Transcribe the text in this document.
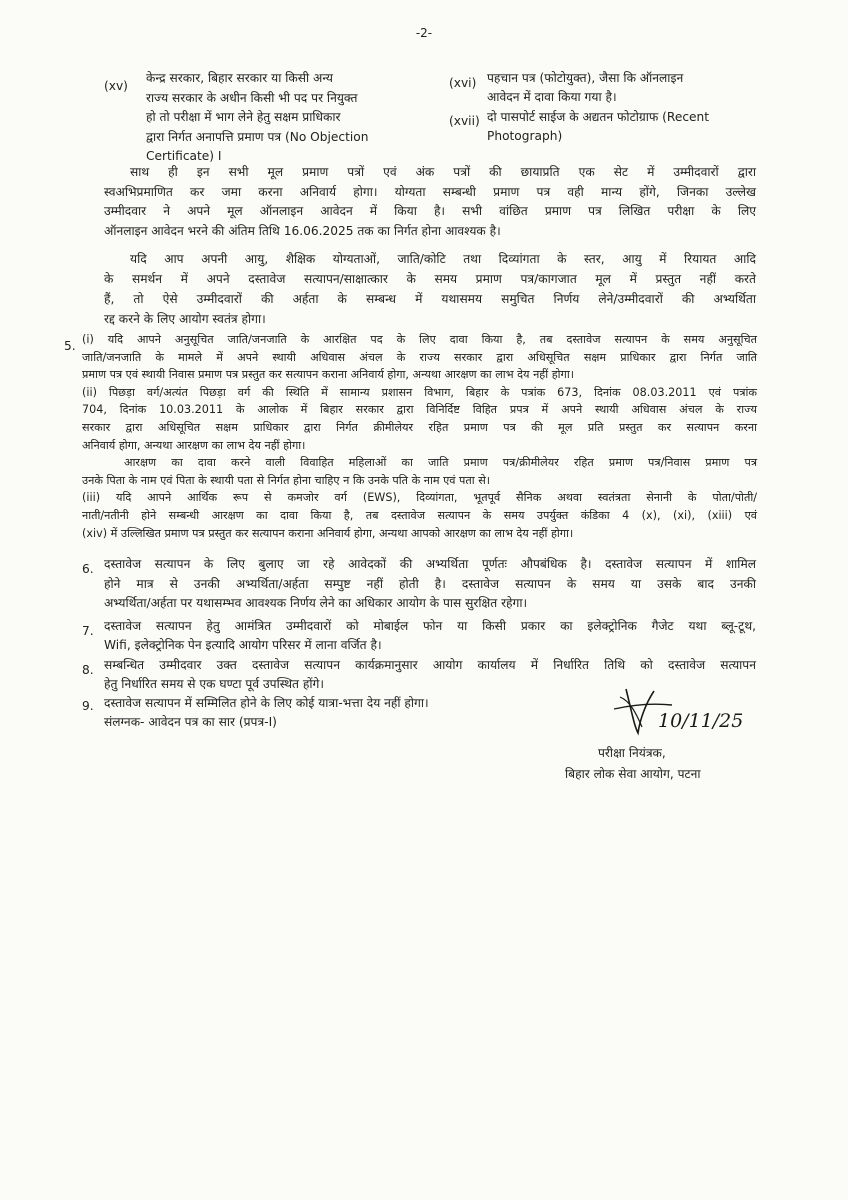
-2-
(xv)
केन्द्र सरकार, बिहार सरकार या किसी अन्य
राज्य सरकार के अधीन किसी भी पद पर नियुक्त
हो तो परीक्षा में भाग लेने हेतु सक्षम प्राधिकार
द्वारा निर्गत अनापत्ति प्रमाण पत्र (No Objection
Certificate) I
(xvi) पहचान पत्र (फोटोयुक्त), जैसा कि ऑनलाइन
आवेदन में दावा किया गया है।
(xvii) दो पासपोर्ट साईज के अद्यतन फोटोग्राफ (Recent
Photograph)
साथ ही इन सभी मूल प्रमाण पत्रों एवं अंक पत्रों की छायाप्रति एक सेट में उम्मीदवारों द्वारा
स्वअभिप्रमाणित कर जमा करना अनिवार्य होगा। योग्यता सम्बन्धी प्रमाण पत्र वही मान्य होंगे, जिनका उल्लेख
उम्मीदवार ने अपने मूल ऑनलाइन आवेदन में किया है। सभी वांछित प्रमाण पत्र लिखित परीक्षा के लिए
ऑनलाइन आवेदन भरने की अंतिम तिथि 16.06.2025 तक का निर्गत होना आवश्यक है।
यदि आप अपनी आयु, शैक्षिक योग्यताओं, जाति/कोटि तथा दिव्यांगता के स्तर, आयु में रियायत आदि
के समर्थन में अपने दस्तावेज सत्यापन/साक्षात्कार के समय प्रमाण पत्र/कागजात मूल में प्रस्तुत नहीं करते
हैं, तो ऐसे उम्मीदवारों की अर्हता के सम्बन्ध में यथासमय समुचित निर्णय लेने/उम्मीदवारों की अभ्यर्थिता
रद्द करने के लिए आयोग स्वतंत्र होगा।
5. (i) यदि आपने अनुसूचित जाति/जनजाति के आरक्षित पद के लिए दावा किया है, तब दस्तावेज सत्यापन के समय अनुसूचित
जाति/जनजाति के मामले में अपने स्थायी अधिवास अंचल के राज्य सरकार द्वारा अधिसूचित सक्षम प्राधिकार द्वारा निर्गत जाति
प्रमाण पत्र एवं स्थायी निवास प्रमाण पत्र प्रस्तुत कर सत्यापन कराना अनिवार्य होगा, अन्यथा आरक्षण का लाभ देय नहीं होगा।
(ii) पिछड़ा वर्ग/अत्यंत पिछड़ा वर्ग की स्थिति में सामान्य प्रशासन विभाग, बिहार के पत्रांक 673, दिनांक 08.03.2011 एवं पत्रांक
704, दिनांक 10.03.2011 के आलोक में बिहार सरकार द्वारा विनिर्दिष्ट विहित प्रपत्र में अपने स्थायी अधिवास अंचल के राज्य
सरकार द्वारा अधिसूचित सक्षम प्राधिकार द्वारा निर्गत क्रीमीलेयर रहित प्रमाण पत्र की मूल प्रति प्रस्तुत कर सत्यापन करना
अनिवार्य होगा, अन्यथा आरक्षण का लाभ देय नहीं होगा।
आरक्षण का दावा करने वाली विवाहित महिलाओं का जाति प्रमाण पत्र/क्रीमीलेयर रहित प्रमाण पत्र/निवास प्रमाण पत्र
उनके पिता के नाम एवं पिता के स्थायी पता से निर्गत होना चाहिए न कि उनके पति के नाम एवं पता से।
(iii) यदि आपने आर्थिक रूप से कमजोर वर्ग (EWS), दिव्यांगता, भूतपूर्व सैनिक अथवा स्वतंत्रता सेनानी के पोता/पोती/
नाती/नतीनी होने सम्बन्धी आरक्षण का दावा किया है, तब दस्तावेज सत्यापन के समय उपर्युक्त कंडिका 4 (x), (xi), (xiii) एवं
(xiv) में उल्लिखित प्रमाण पत्र प्रस्तुत कर सत्यापन कराना अनिवार्य होगा, अन्यथा आपको आरक्षण का लाभ देय नहीं होगा।
6. दस्तावेज सत्यापन के लिए बुलाए जा रहे आवेदकों की अभ्यर्थिता पूर्णतः औपबंधिक है। दस्तावेज सत्यापन में शामिल
होने मात्र से उनकी अभ्यर्थिता/अर्हता सम्पुष्ट नहीं होती है। दस्तावेज सत्यापन के समय या उसके बाद उनकी
अभ्यर्थिता/अर्हता पर यथासम्भव आवश्यक निर्णय लेने का अधिकार आयोग के पास सुरक्षित रहेगा।
7. दस्तावेज सत्यापन हेतु आमंत्रित उम्मीदवारों को मोबाईल फोन या किसी प्रकार का इलेक्ट्रोनिक गैजेट यथा ब्लू-टूथ,
Wifi, इलेक्ट्रोनिक पेन इत्यादि आयोग परिसर में लाना वर्जित है।
8. सम्बन्धित उम्मीदवार उक्त दस्तावेज सत्यापन कार्यक्रमानुसार आयोग कार्यालय में निर्धारित तिथि को दस्तावेज सत्यापन
हेतु निर्धारित समय से एक घण्टा पूर्व उपस्थित होंगे।
9. दस्तावेज सत्यापन में सम्मिलित होने के लिए कोई यात्रा-भत्ता देय नहीं होगा।
संलग्नक- आवेदन पत्र का सार (प्रपत्र-I)	10/11/25
परीक्षा नियंत्रक,
बिहार लोक सेवा आयोग, पटना
